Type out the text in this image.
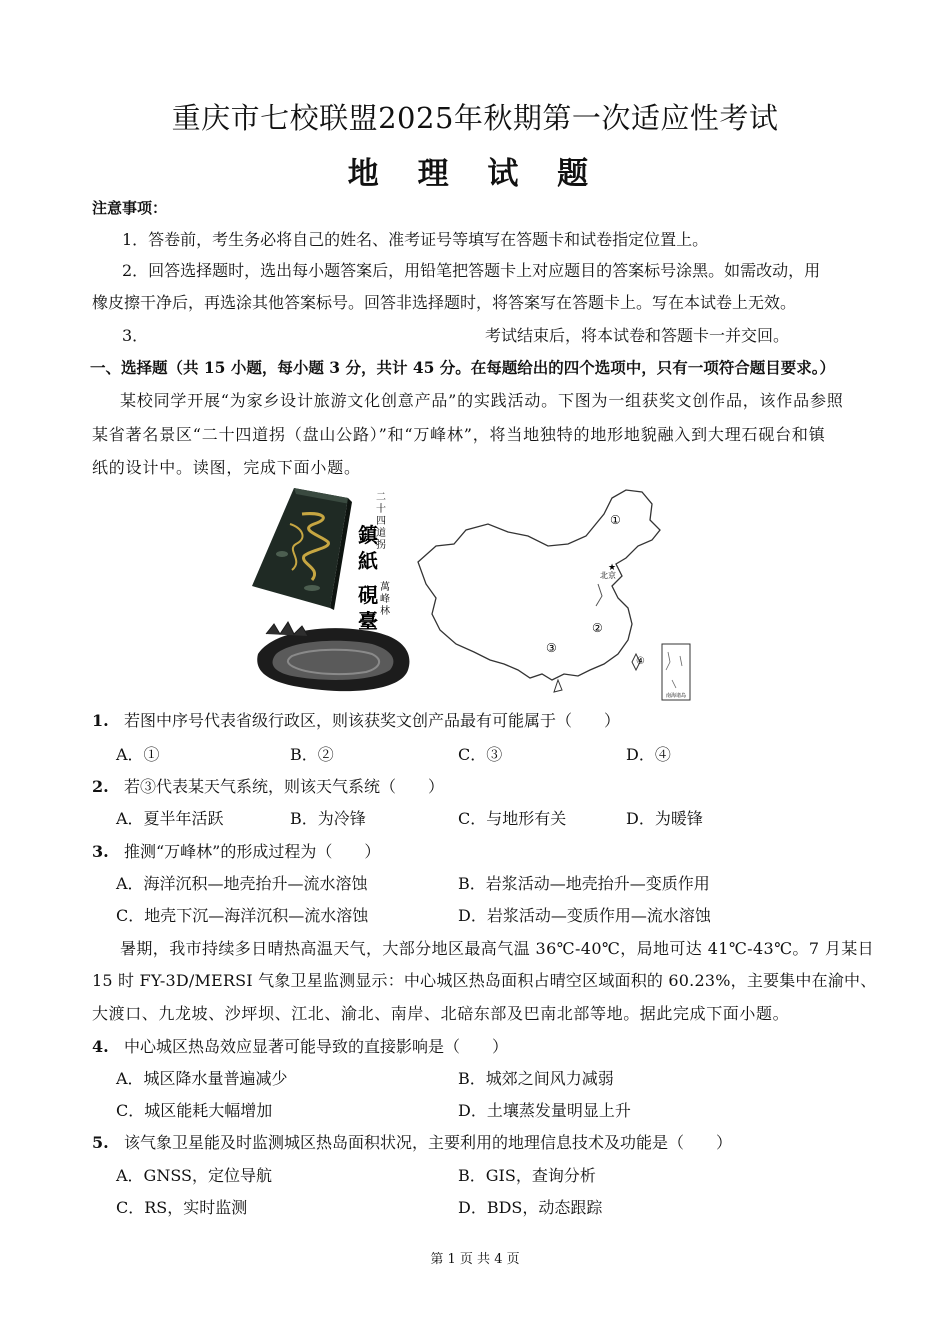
重庆市七校联盟2025年秋期第一次适应性考试
地 理 试 题
注意事项：
1．答卷前，考生务必将自己的姓名、准考证号等填写在答题卡和试卷指定位置上。
2．回答选择题时，选出每小题答案后，用铅笔把答题卡上对应题目的答案标号涂黑。如需改动，用
橡皮擦干净后，再选涂其他答案标号。回答非选择题时，将答案写在答题卡上。写在本试卷上无效。
3．	考试结束后，将本试卷和答题卡一并交回。
一、选择题（共 15 小题，每小题 3 分，共计 45 分。在每题给出的四个选项中，只有一项符合题目要求。）
某校同学开展“为家乡设计旅游文化创意产品”的实践活动。下图为一组获奖文创作品，该作品参照
某省著名景区“二十四道拐（盘山公路）”和“万峰林”，将当地独特的地形地貌融入到大理石砚台和镇
纸的设计中。读图，完成下面小题。
鎮紙
硯臺
二十四道拐
萬峰林
①
②
③
④
★
北京
南海诸岛
1. 若图中序号代表省级行政区，则该获奖文创产品最有可能属于（　　）
A．①	B．②	C．③	D．④
2. 若③代表某天气系统，则该天气系统（　　）
A．夏半年活跃	B．为冷锋	C．与地形有关	D．为暖锋
3. 推测“万峰林”的形成过程为（　　）
A．海洋沉积—地壳抬升—流水溶蚀	B．岩浆活动—地壳抬升—变质作用
C．地壳下沉—海洋沉积—流水溶蚀	D．岩浆活动—变质作用—流水溶蚀
暑期，我市持续多日晴热高温天气，大部分地区最高气温 36℃-40℃，局地可达 41℃-43℃。7 月某日
15 时 FY-3D/MERSI 气象卫星监测显示：中心城区热岛面积占晴空区域面积的 60.23%，主要集中在渝中、
大渡口、九龙坡、沙坪坝、江北、渝北、南岸、北碚东部及巴南北部等地。据此完成下面小题。
4. 中心城区热岛效应显著可能导致的直接影响是（　　）
A．城区降水量普遍减少	B．城郊之间风力减弱
C．城区能耗大幅增加	D．土壤蒸发量明显上升
5. 该气象卫星能及时监测城区热岛面积状况，主要利用的地理信息技术及功能是（　　）
A．GNSS，定位导航	B．GIS，查询分析
C．RS，实时监测	D．BDS，动态跟踪
第 1 页 共 4 页
